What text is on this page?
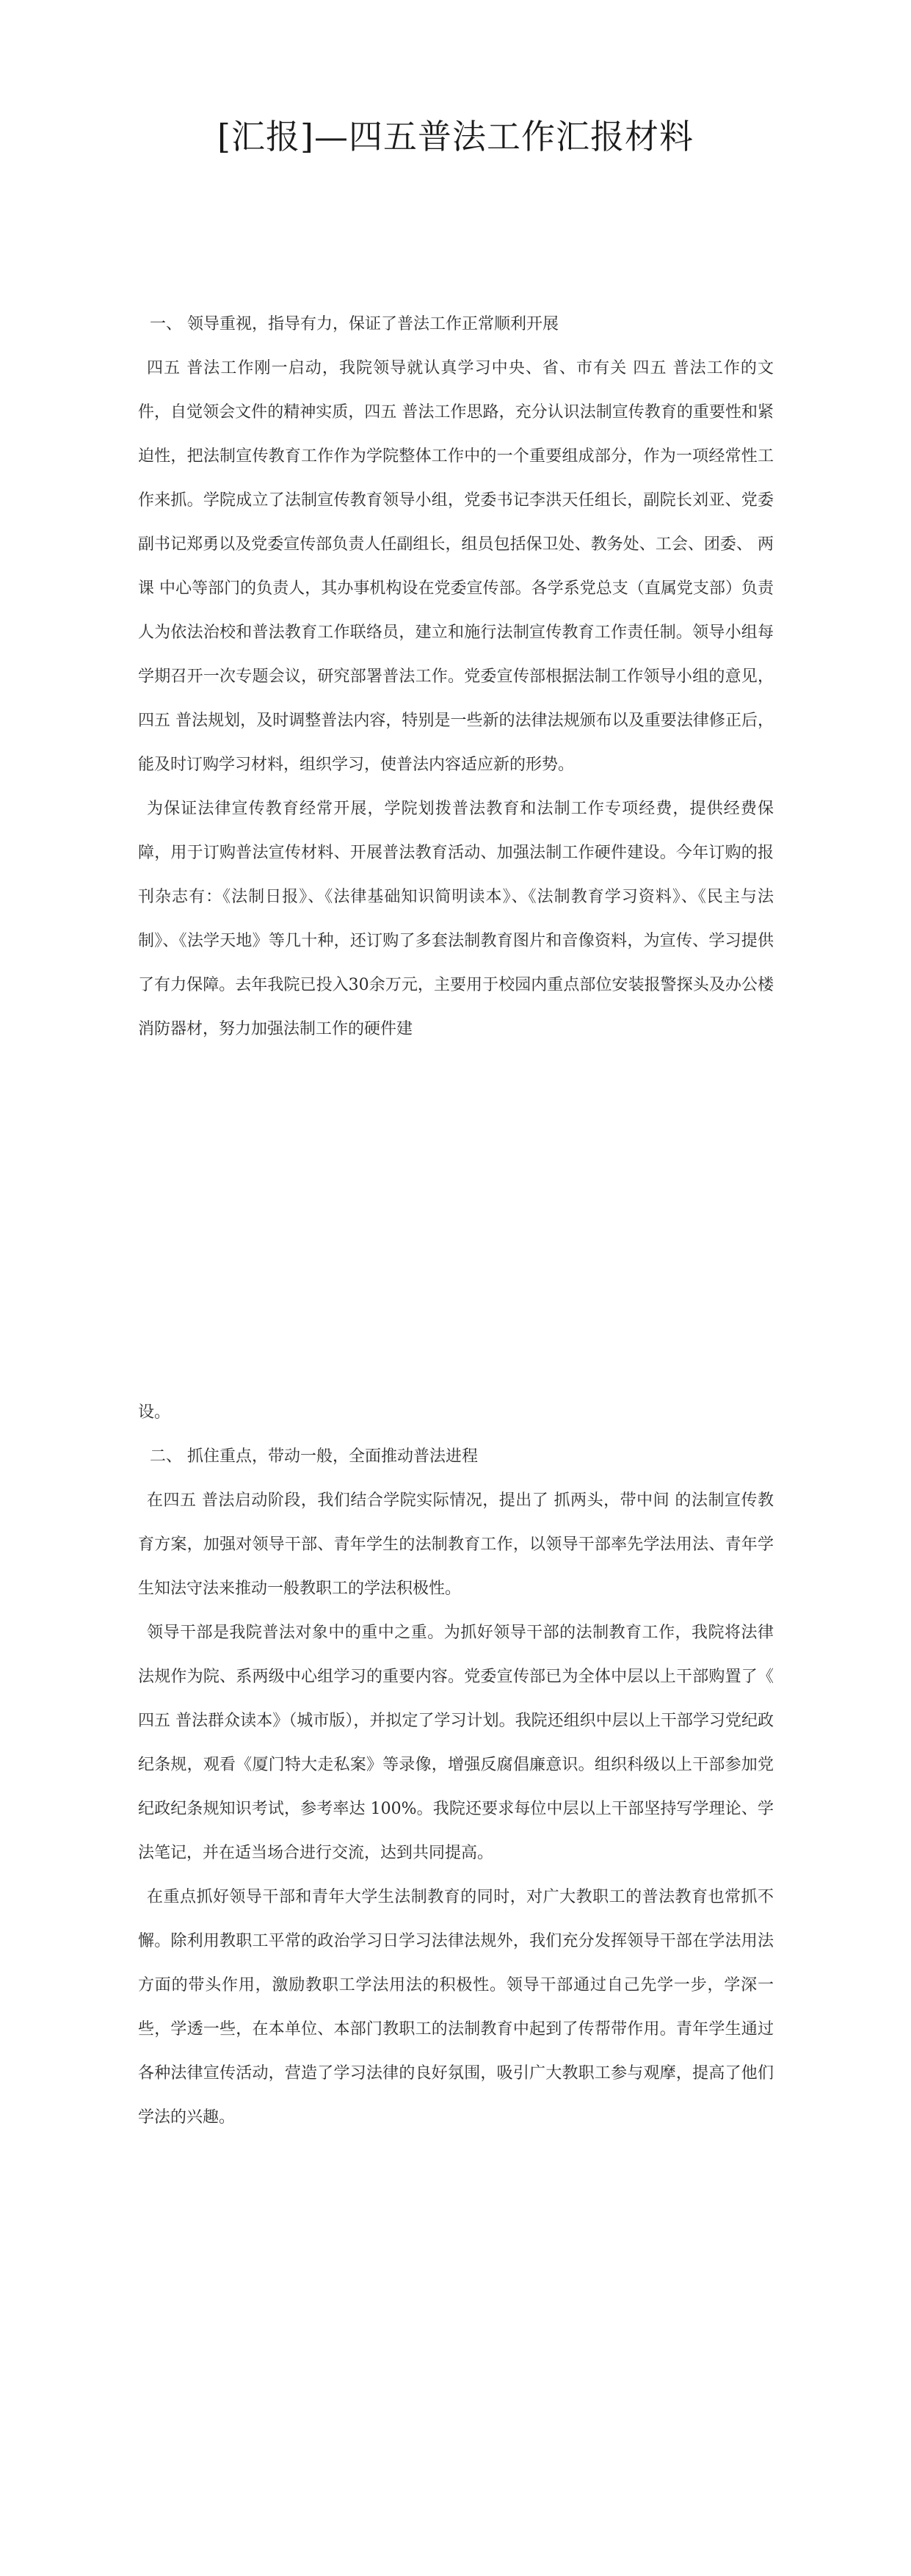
[汇报]—四五普法工作汇报材料

一、 领导重视，指导有力，保证了普法工作正常顺利开展

四五 普法工作刚一启动，我院领导就认真学习中央、省、市有关 四五 普法工作的文件，自觉领会文件的精神实质，四五 普法工作思路，充分认识法制宣传教育的重要性和紧迫性，把法制宣传教育工作作为学院整体工作中的一个重要组成部分，作为一项经常性工作来抓。学院成立了法制宣传教育领导小组，党委书记李洪天任组长，副院长刘亚、党委副书记郑勇以及党委宣传部负责人任副组长，组员包括保卫处、教务处、工会、团委、 两课 中心等部门的负责人，其办事机构设在党委宣传部。各学系党总支（直属党支部）负责人为依法治校和普法教育工作联络员，建立和施行法制宣传教育工作责任制。领导小组每学期召开一次专题会议，研究部署普法工作。党委宣传部根据法制工作领导小组的意见，四五 普法规划，及时调整普法内容，特别是一些新的法律法规颁布以及重要法律修正后，能及时订购学习材料，组织学习，使普法内容适应新的形势。

为保证法律宣传教育经常开展，学院划拨普法教育和法制工作专项经费，提供经费保障，用于订购普法宣传材料、开展普法教育活动、加强法制工作硬件建设。今年订购的报刊杂志有：《法制日报》、《法律基础知识简明读本》、《法制教育学习资料》、《民主与法制》、《法学天地》等几十种，还订购了多套法制教育图片和音像资料，为宣传、学习提供了有力保障。去年我院已投入30余万元，主要用于校园内重点部位安装报警探头及办公楼消防器材，努力加强法制工作的硬件建

设。

二、 抓住重点，带动一般，全面推动普法进程

在四五 普法启动阶段，我们结合学院实际情况，提出了 抓两头，带中间 的法制宣传教育方案，加强对领导干部、青年学生的法制教育工作，以领导干部率先学法用法、青年学生知法守法来推动一般教职工的学法积极性。

领导干部是我院普法对象中的重中之重。为抓好领导干部的法制教育工作，我院将法律法规作为院、系两级中心组学习的重要内容。党委宣传部已为全体中层以上干部购置了《 四五 普法群众读本》（城市版），并拟定了学习计划。我院还组织中层以上干部学习党纪政纪条规，观看《厦门特大走私案》等录像，增强反腐倡廉意识。组织科级以上干部参加党纪政纪条规知识考试，参考率达 100%。我院还要求每位中层以上干部坚持写学理论、学法笔记，并在适当场合进行交流，达到共同提高。

在重点抓好领导干部和青年大学生法制教育的同时，对广大教职工的普法教育也常抓不懈。除利用教职工平常的政治学习日学习法律法规外，我们充分发挥领导干部在学法用法方面的带头作用，激励教职工学法用法的积极性。领导干部通过自己先学一步，学深一些，学透一些，在本单位、本部门教职工的法制教育中起到了传帮带作用。青年学生通过各种法律宣传活动，营造了学习法律的良好氛围，吸引广大教职工参与观摩，提高了他们学法的兴趣。
